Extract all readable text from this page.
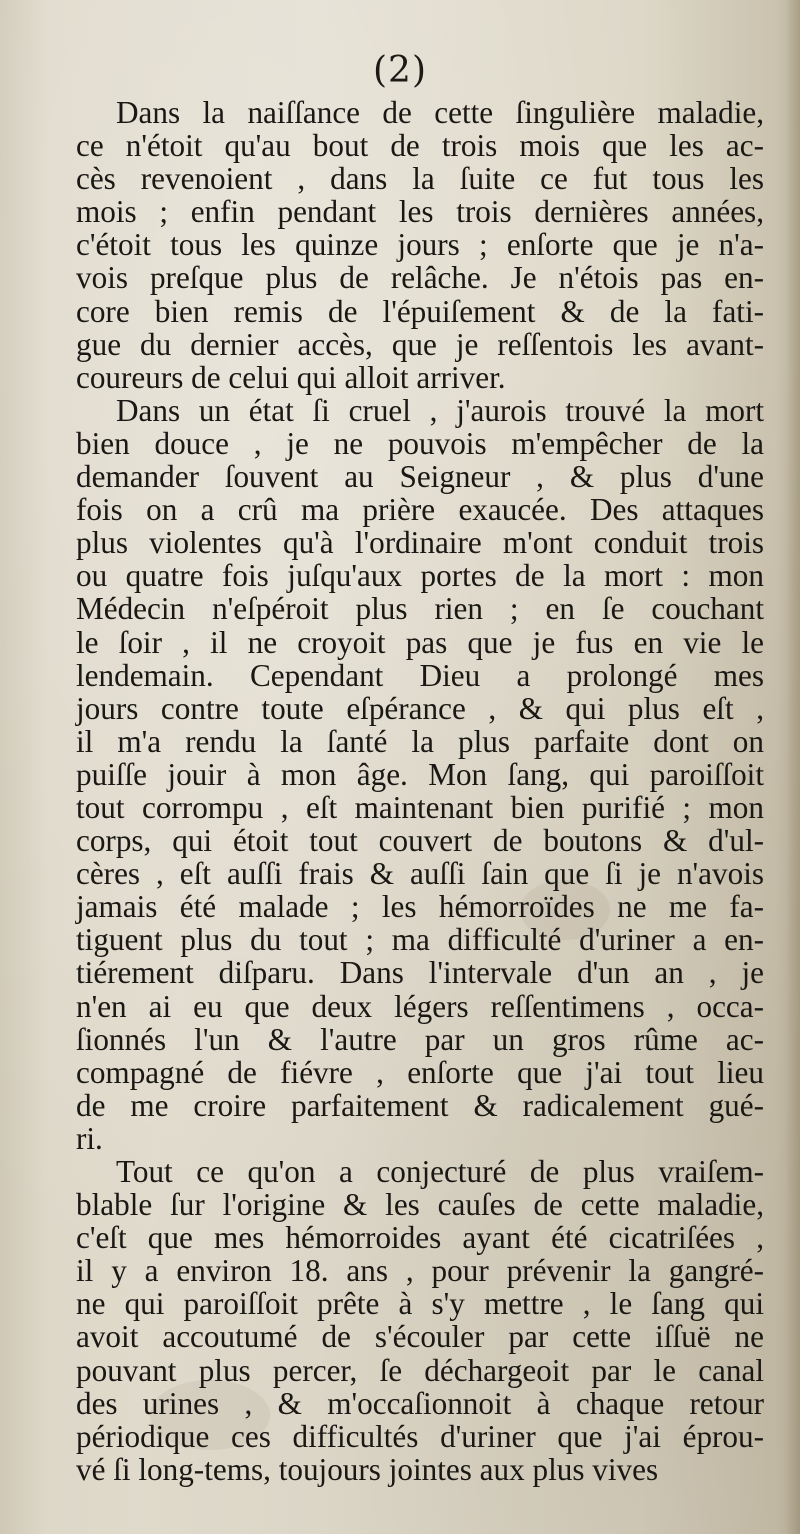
(2)
Dans la naiſſance de cette ſingulière maladie,
ce n'étoit qu'au bout de trois mois que les ac-
cès revenoient , dans la ſuite ce fut tous les
mois ; enfin pendant les trois dernières années,
c'étoit tous les quinze jours ; enſorte que je n'a-
vois preſque plus de relâche. Je n'étois pas en-
core bien remis de l'épuiſement & de la fati-
gue du dernier accès, que je reſſentois les avant-
coureurs de celui qui alloit arriver.
Dans un état ſi cruel , j'aurois trouvé la mort
bien douce , je ne pouvois m'empêcher de la
demander ſouvent au Seigneur , & plus d'une
fois on a crû ma prière exaucée. Des attaques
plus violentes qu'à l'ordinaire m'ont conduit trois
ou quatre fois juſqu'aux portes de la mort : mon
Médecin n'eſpéroit plus rien ; en ſe couchant
le ſoir , il ne croyoit pas que je fus en vie le
lendemain. Cependant Dieu a prolongé mes
jours contre toute eſpérance , & qui plus eſt ,
il m'a rendu la ſanté la plus parfaite dont on
puiſſe jouir à mon âge. Mon ſang, qui paroiſſoit
tout corrompu , eſt maintenant bien purifié ; mon
corps, qui étoit tout couvert de boutons & d'ul-
cères , eſt auſſi frais & auſſi ſain que ſi je n'avois
jamais été malade ; les hémorroïdes ne me fa-
tiguent plus du tout ; ma difficulté d'uriner a en-
tiérement diſparu. Dans l'intervale d'un an , je
n'en ai eu que deux légers reſſentimens , occa-
ſionnés l'un & l'autre par un gros rûme ac-
compagné de fiévre , enſorte que j'ai tout lieu
de me croire parfaitement & radicalement gué-
ri.
Tout ce qu'on a conjecturé de plus vraiſem-
blable ſur l'origine & les cauſes de cette maladie,
c'eſt que mes hémorroides ayant été cicatriſées ,
il y a environ 18. ans , pour prévenir la gangré-
ne qui paroiſſoit prête à s'y mettre , le ſang qui
avoit accoutumé de s'écouler par cette iſſuë ne
pouvant plus percer, ſe déchargeoit par le canal
des urines , & m'occaſionnoit à chaque retour
périodique ces difficultés d'uriner que j'ai éprou-
vé ſi long-tems, toujours jointes aux plus vives
